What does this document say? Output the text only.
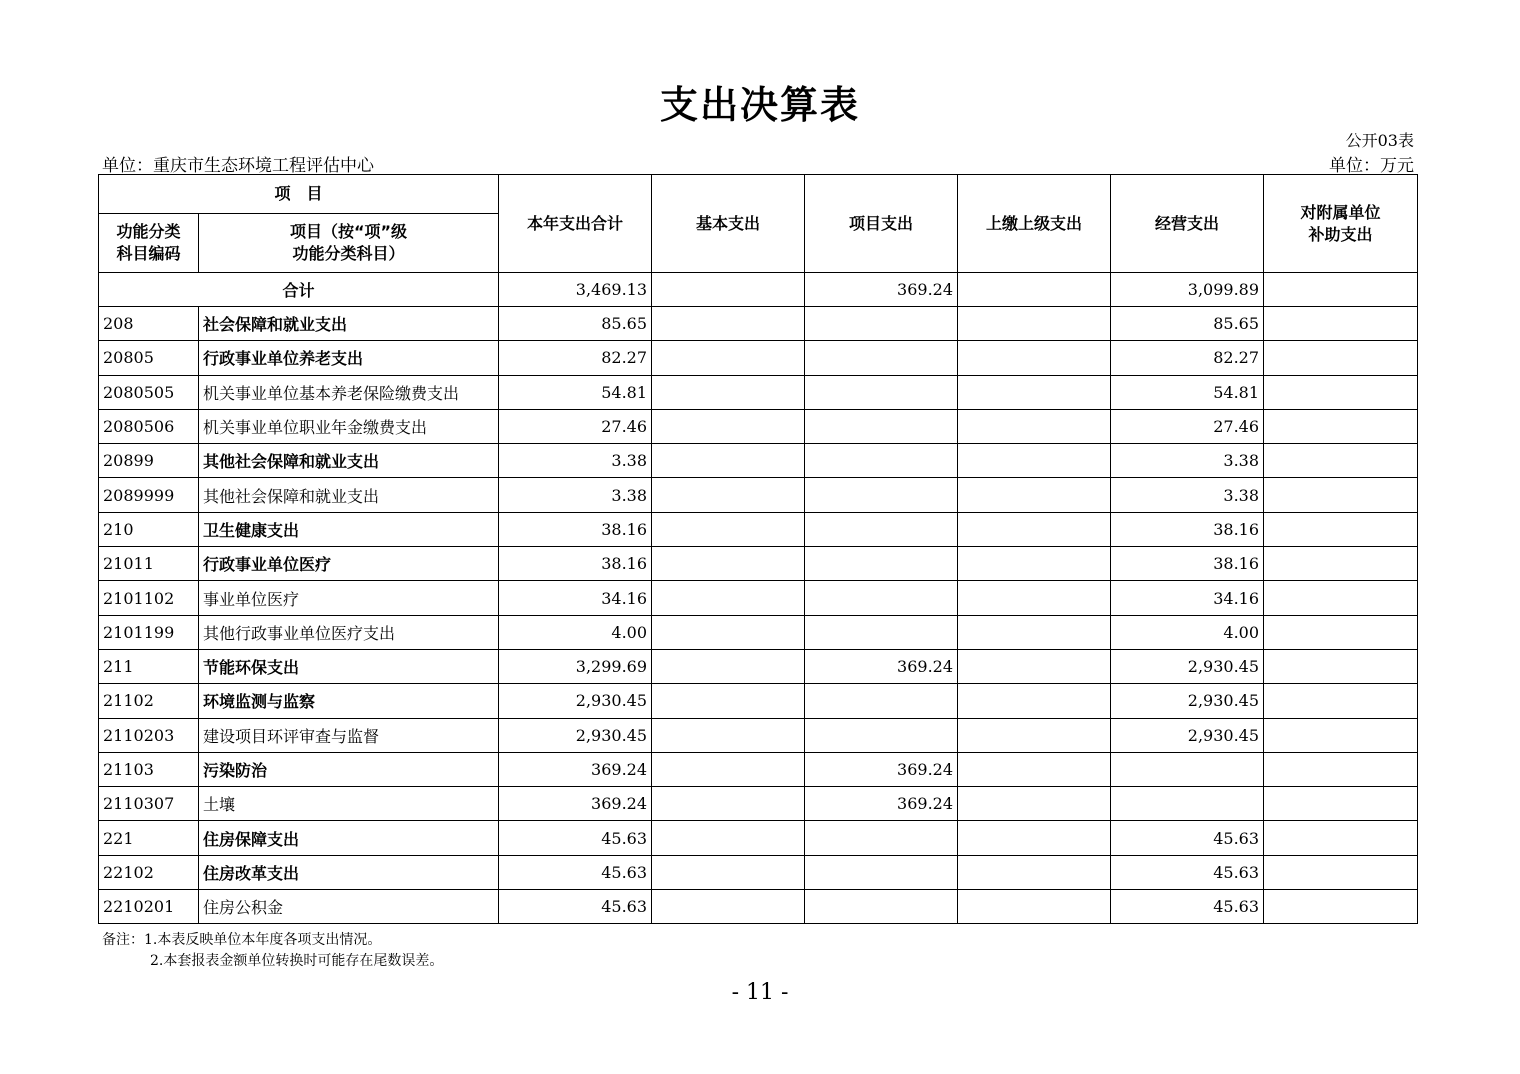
支出决算表
公开03表
单位：重庆市生态环境工程评估中心	单位：万元
项　目		本年支出合计	基本支出	项目支出	上缴上级支出	经营支出	对附属单位
补助支出
功能分类
科目编码	项目（按“项”级
功能分类科目）						
合计		3,469.13		369.24		3,099.89	
208	社会保障和就业支出	85.65				85.65	
20805	行政事业单位养老支出	82.27				82.27	
2080505	机关事业单位基本养老保险缴费支出	54.81				54.81	
2080506	机关事业单位职业年金缴费支出	27.46				27.46	
20899	其他社会保障和就业支出	3.38				3.38	
2089999	其他社会保障和就业支出	3.38				3.38	
210	卫生健康支出	38.16				38.16	
21011	行政事业单位医疗	38.16				38.16	
2101102	事业单位医疗	34.16				34.16	
2101199	其他行政事业单位医疗支出	4.00				4.00	
211	节能环保支出	3,299.69		369.24		2,930.45	
21102	环境监测与监察	2,930.45				2,930.45	
2110203	建设项目环评审查与监督	2,930.45				2,930.45	
21103	污染防治	369.24		369.24			
2110307	土壤	369.24		369.24			
221	住房保障支出	45.63				45.63	
22102	住房改革支出	45.63				45.63	
2210201	住房公积金	45.63				45.63	
备注：1.本表反映单位本年度各项支出情况。
2.本套报表金额单位转换时可能存在尾数误差。
- 11 -
